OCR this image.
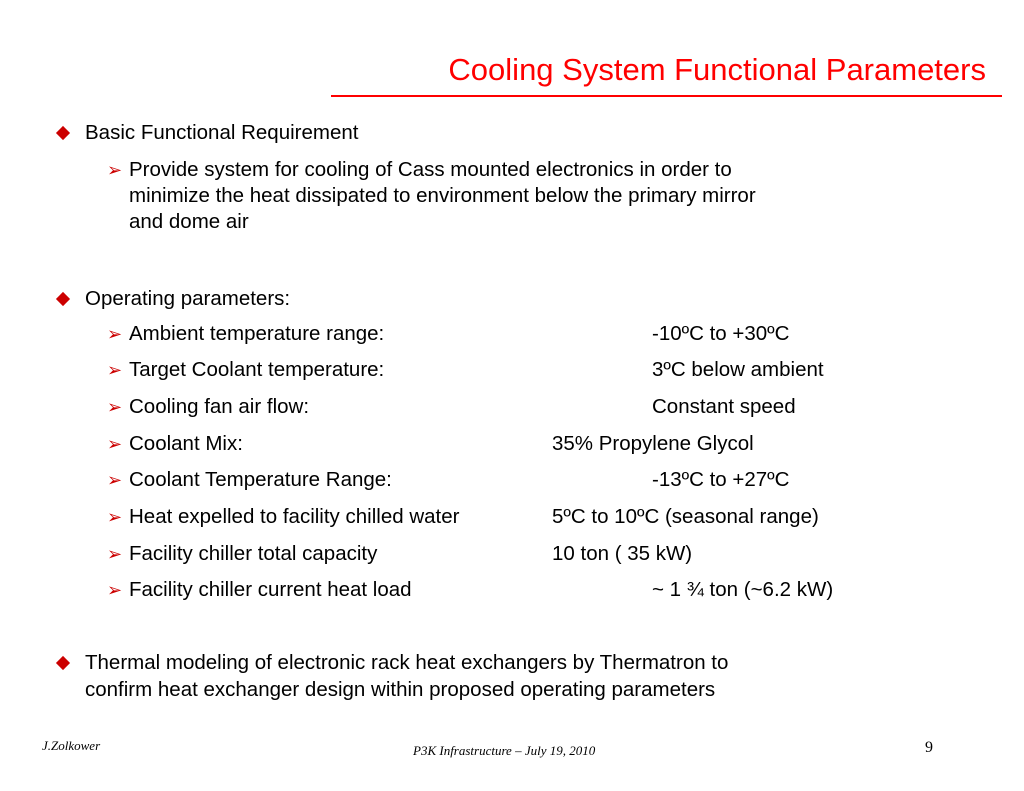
Cooling System Functional Parameters
Basic Functional Requirement
➢ Provide system for cooling of Cass mounted electronics in order to
minimize the heat dissipated to environment below the primary mirror
and dome air
Operating parameters:
➢ Ambient temperature range:	-10ºC to +30ºC
➢ Target Coolant temperature:	3ºC below ambient
➢ Cooling fan air flow:	Constant speed
➢ Coolant Mix:	35% Propylene Glycol
➢ Coolant Temperature Range:	-13ºC to +27ºC
➢ Heat expelled to facility chilled water	5ºC to 10ºC (seasonal range)
➢ Facility chiller total capacity	10 ton ( 35 kW)
➢ Facility chiller current heat load	~ 1 ¾ ton (~6.2 kW)
Thermal modeling of electronic rack heat exchangers by Thermatron to
confirm heat exchanger design within proposed operating parameters
J.Zolkower	P3K Infrastructure – July 19, 2010	9
